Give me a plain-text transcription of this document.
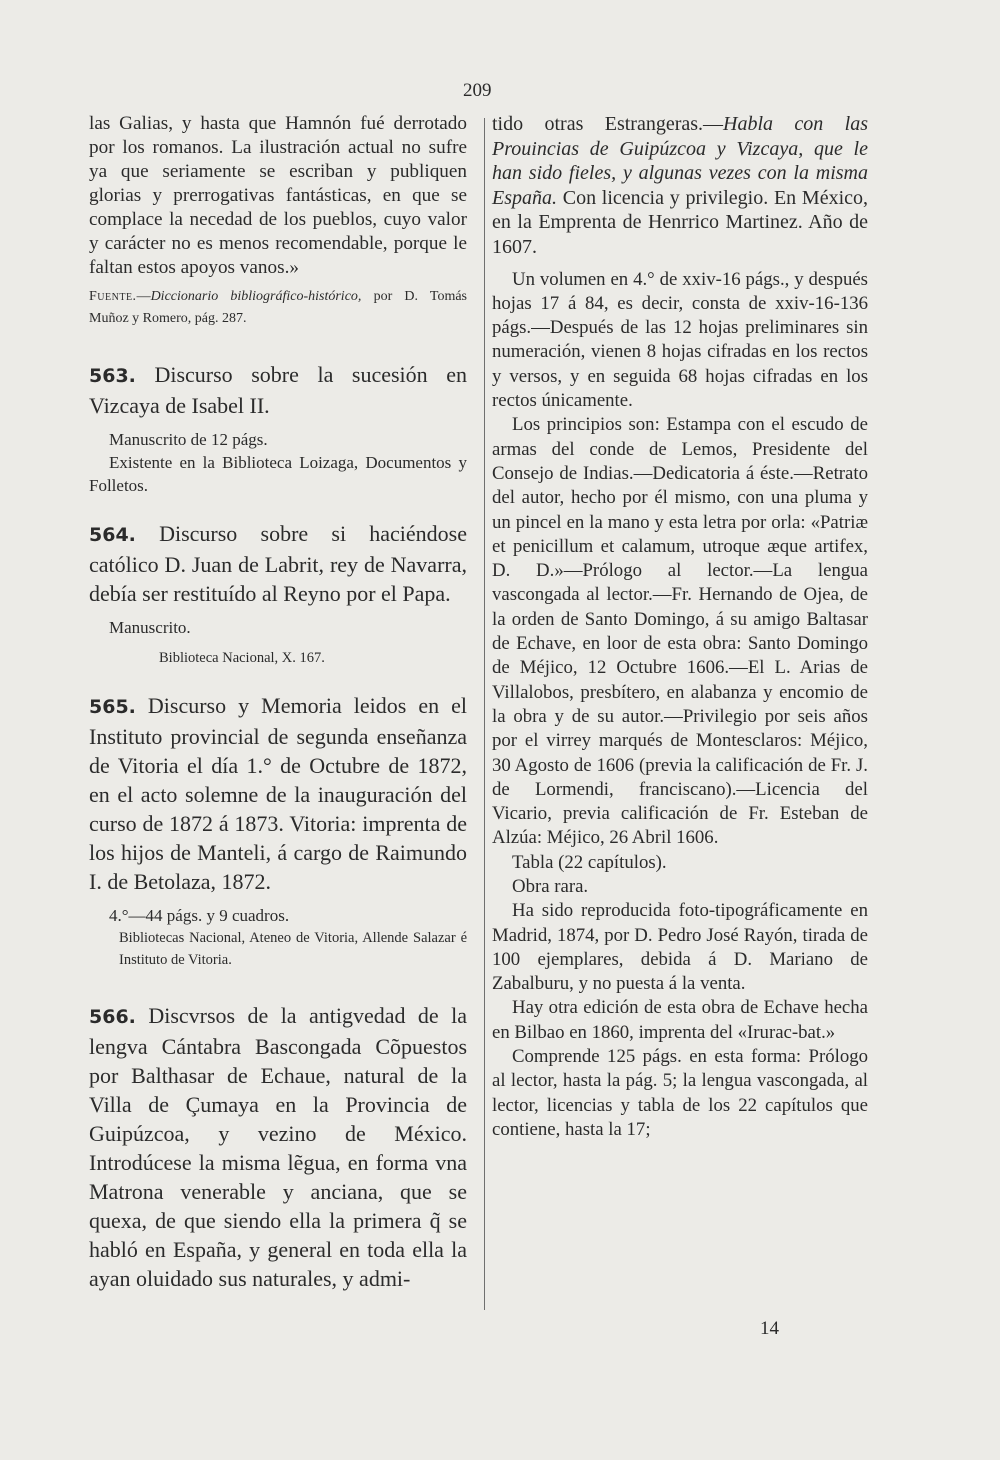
209

las Galias, y hasta que Hamnón fué derrotado por los romanos. La ilustración actual no sufre ya que seriamente se escriban y publiquen glorias y prerrogativas fantásticas, en que se complace la necedad de los pueblos, cuyo valor y carácter no es menos recomendable, porque le faltan estos apoyos vanos.»

Fuente.—Diccionario bibliográfico-histórico, por D. Tomás Muñoz y Romero, pág. 287.

563. Discurso sobre la sucesión en Vizcaya de Isabel II.

Manuscrito de 12 págs.

Existente en la Biblioteca Loizaga, Documentos y Folletos.

564. Discurso sobre si haciéndose católico D. Juan de Labrit, rey de Navarra, debía ser restituído al Reyno por el Papa.

Manuscrito.

Biblioteca Nacional, X. 167.

565. Discurso y Memoria leidos en el Instituto provincial de segunda enseñanza de Vitoria el día 1.° de Octubre de 1872, en el acto solemne de la inauguración del curso de 1872 á 1873. Vitoria: imprenta de los hijos de Manteli, á cargo de Raimundo I. de Betolaza, 1872.

4.°—44 págs. y 9 cuadros.

Bibliotecas Nacional, Ateneo de Vitoria, Allende Salazar é Instituto de Vitoria.

566. Discvrsos de la antigvedad de la lengva Cántabra Bascongada Cõpuestos por Balthasar de Echaue, natural de la Villa de Çumaya en la Provincia de Guipúzcoa, y vezino de México. Introdúcese la misma lẽgua, en forma vna Matrona venerable y anciana, que se quexa, de que siendo ella la primera q̃ se habló en España, y general en toda ella la ayan oluidado sus naturales, y admi-

tido otras Estrangeras.—Habla con las Prouincias de Guipúzcoa y Vizcaya, que le han sido fieles, y algunas vezes con la misma España. Con licencia y privilegio. En México, en la Emprenta de Henrrico Martinez. Año de 1607.

Un volumen en 4.° de xxiv-16 págs., y después hojas 17 á 84, es decir, consta de xxiv-16-136 págs.—Después de las 12 hojas preliminares sin numeración, vienen 8 hojas cifradas en los rectos y versos, y en seguida 68 hojas cifradas en los rectos únicamente.

Los principios son: Estampa con el escudo de armas del conde de Lemos, Presidente del Consejo de Indias.—Dedicatoria á éste.—Retrato del autor, hecho por él mismo, con una pluma y un pincel en la mano y esta letra por orla: «Patriæ et penicillum et calamum, utroque æque artifex, D. D.»—Prólogo al lector.—La lengua vascongada al lector.—Fr. Hernando de Ojea, de la orden de Santo Domingo, á su amigo Baltasar de Echave, en loor de esta obra: Santo Domingo de Méjico, 12 Octubre 1606.—El L. Arias de Villalobos, presbítero, en alabanza y encomio de la obra y de su autor.—Privilegio por seis años por el virrey marqués de Montesclaros: Méjico, 30 Agosto de 1606 (previa la calificación de Fr. J. de Lormendi, franciscano).—Licencia del Vicario, previa calificación de Fr. Esteban de Alzúa: Méjico, 26 Abril 1606.

Tabla (22 capítulos).

Obra rara.

Ha sido reproducida foto-tipográficamente en Madrid, 1874, por D. Pedro José Rayón, tirada de 100 ejemplares, debida á D. Mariano de Zabalburu, y no puesta á la venta.

Hay otra edición de esta obra de Echave hecha en Bilbao en 1860, imprenta del «Irurac-bat.»

Comprende 125 págs. en esta forma: Prólogo al lector, hasta la pág. 5; la lengua vascongada, al lector, licencias y tabla de los 22 capítulos que contiene, hasta la 17;

14
